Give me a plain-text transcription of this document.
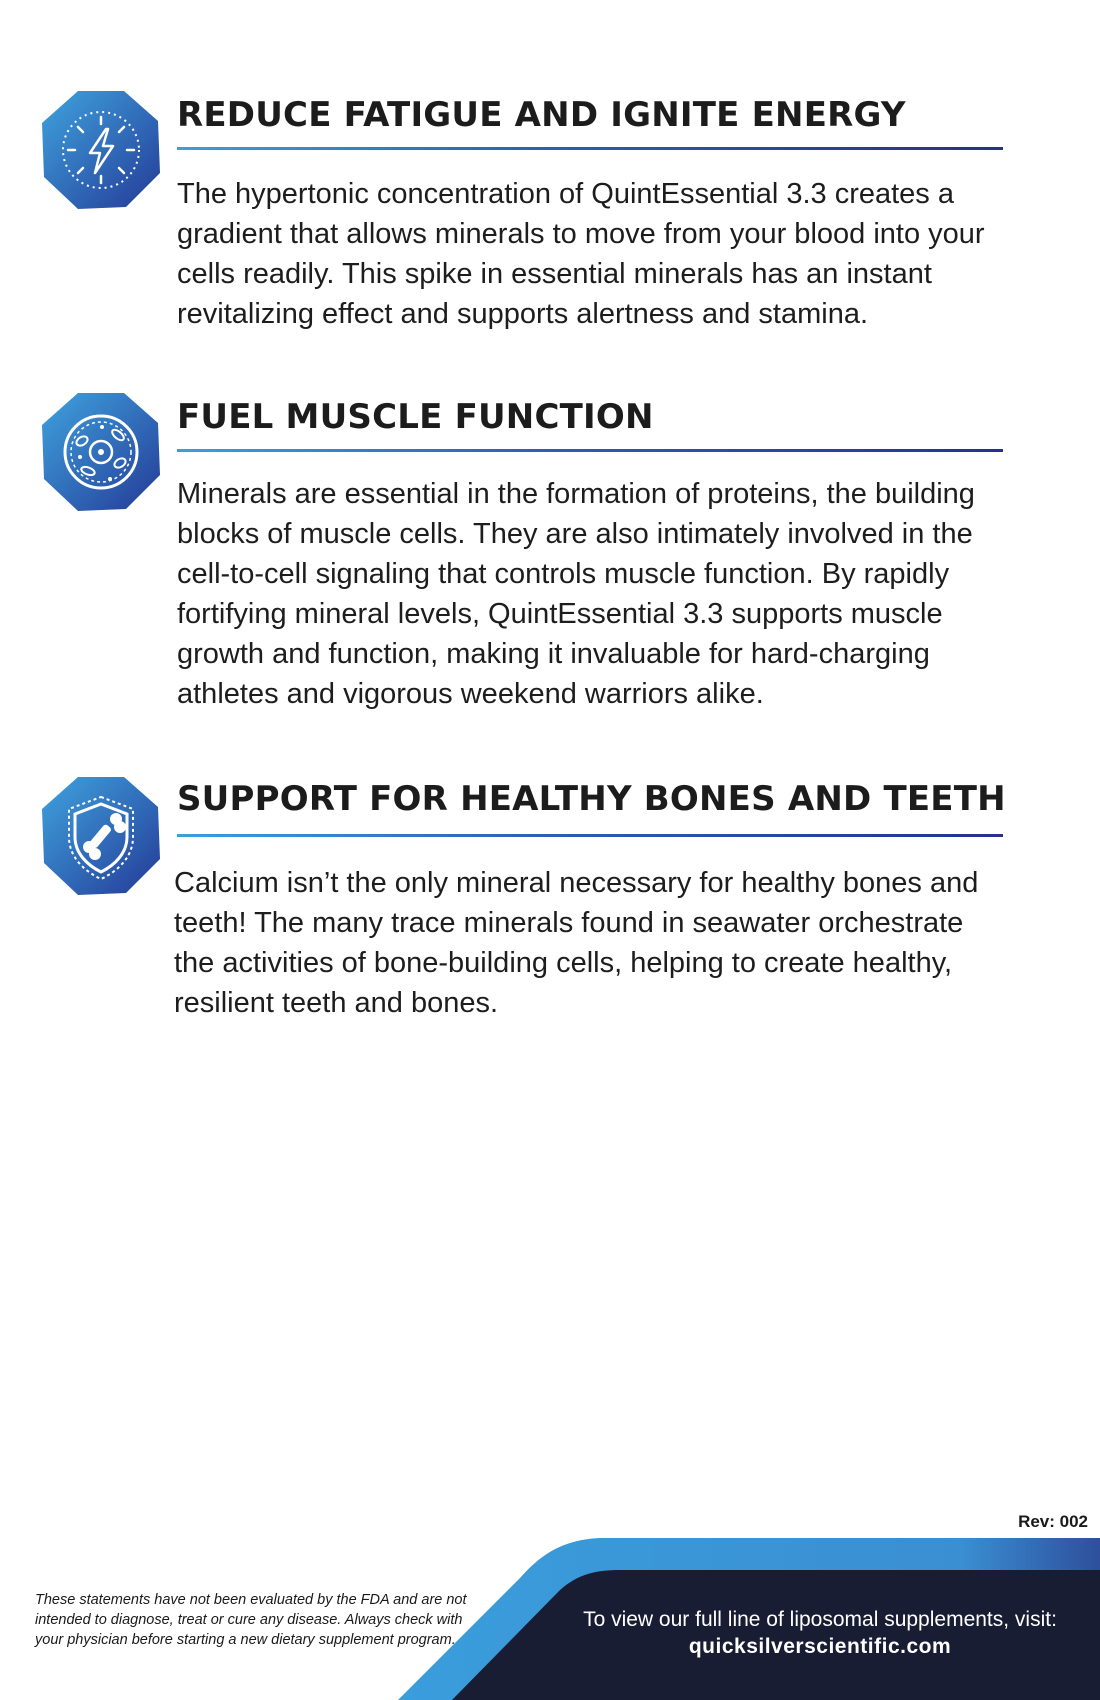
REDUCE FATIGUE AND IGNITE ENERGY

The hypertonic concentration of QuintEssential 3.3 creates a gradient that allows minerals to move from your blood into your cells readily. This spike in essential minerals has an instant revitalizing effect and supports alertness and stamina.

FUEL MUSCLE FUNCTION

Minerals are essential in the formation of proteins, the building blocks of muscle cells. They are also intimately involved in the cell-to-cell signaling that controls muscle function. By rapidly fortifying mineral levels, QuintEssential 3.3 supports muscle growth and function, making it invaluable for hard-charging athletes and vigorous weekend warriors alike.

SUPPORT FOR HEALTHY BONES AND TEETH

Calcium isn’t the only mineral necessary for healthy bones and teeth! The many trace minerals found in seawater orchestrate the activities of bone-building cells, helping to create healthy, resilient teeth and bones.

Rev: 002

These statements have not been evaluated by the FDA and are not intended to diagnose, treat or cure any disease. Always check with your physician before starting a new dietary supplement program.

To view our full line of liposomal supplements, visit:
quicksilverscientific.com
